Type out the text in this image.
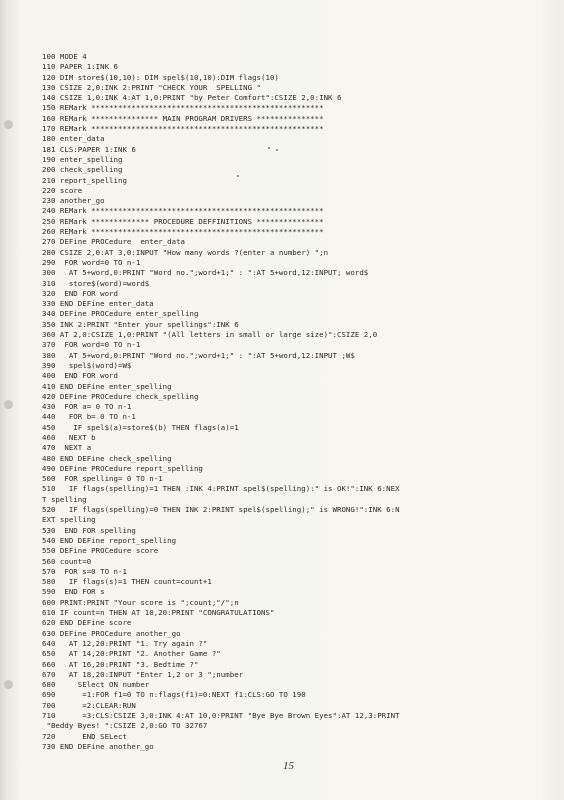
100 MODE 4
110 PAPER 1:INK 6
120 DIM store$(10,10): DIM spel$(10,10):DIM flags(10)
130 CSIZE 2,0:INK 2:PRINT "CHECK YOUR  SPELLING "
140 CSIZE 1,0:INK 4:AT 1,0:PRINT "by Peter Comfort":CSIZE 2,0:INK 6
150 REMark ****************************************************
160 REMark *************** MAIN PROGRAM DRIVERS ***************
170 REMark ****************************************************
180 enter_data
181 CLS:PAPER 1:INK 6
190 enter_spelling
200 check_spelling
210 report_spelling
220 score
230 another_go
240 REMark ****************************************************
250 REMark ************* PROCEDURE DEFFINITIONS ***************
260 REMark ****************************************************
270 DEFine PROCedure  enter_data
280 CSIZE 2,0:AT 3,0:INPUT "How many words ?(enter a number) ";n
290  FOR word=0 TO n-1
300   AT 5+word,0:PRINT "Word no.";word+1;" : ":AT 5+word,12:INPUT; word$
310   store$(word)=word$
320  END FOR word
330 END DEFine enter_data
340 DEFine PROCedure enter_spelling
350 INK 2:PRINT "Enter your spellings":INK 6
360 AT 2,0:CSIZE 1,0:PRINT "(All letters in small or large size)":CSIZE 2,0
370  FOR word=0 TO n-1
380   AT 5+word,0:PRINT "Word no.";word+1;" : ":AT 5+word,12:INPUT ;W$
390   spel$(word)=W$
400  END FOR word
410 END DEFine enter_spelling
420 DEFine PROCedure check_spelling
430  FOR a= 0 TO n-1
440   FOR b= 0 TO n-1
450    IF spel$(a)=store$(b) THEN flags(a)=1
460   NEXT b
470  NEXT a
480 END DEFine check_spelling
490 DEFine PROCedure report_spelling
500  FOR spelling= 0 TO n-1
510   IF flags(spelling)=1 THEN :INK 4:PRINT spel$(spelling):" is OK!":INK 6:NEX
T spelling
520   IF flags(spelling)=0 THEN INK 2:PRINT spel$(spelling);" is WRONG!":INK 6:N
EXT spelling
530  END FOR spelling
540 END DEFine report_spelling
550 DEFine PROCedure score
560 count=0
570  FOR s=0 TO n-1
580   IF flags(s)=1 THEN count=count+1
590  END FOR s
600 PRINT:PRINT "Your score is ";count;"/";n
610 IF count=n THEN AT 10,20:PRINT "CONGRATULATIONS"
620 END DEFine score
630 DEFine PROCedure another_go
640   AT 12,20:PRINT "1. Try again ?"
650   AT 14,20:PRINT "2. Another Game ?"
660   AT 16,20:PRINT "3. Bedtime ?"
670   AT 18,20:INPUT "Enter 1,2 or 3 ";number
680     SElect ON number
690      =1:FOR f1=0 TO n:flags(f1)=0:NEXT f1:CLS:GO TO 190
700      =2:CLEAR:RUN
710      =3:CLS:CSIZE 3,0:INK 4:AT 10,0:PRINT "Bye Bye Brown Eyes":AT 12,3:PRINT
"Beddy Byes! ":CSIZE 2,0:GO TO 32767
720      END SELect
730 END DEFine another_go
15
